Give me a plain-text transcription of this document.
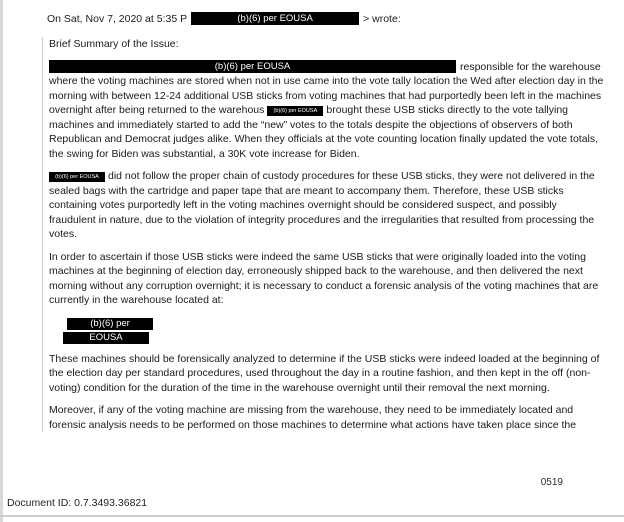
On Sat, Nov 7, 2020 at 5:35 P	(b)(6) per EOUSA	> wrote:
Brief Summary of the Issue:
(b)(6) per EOUSA	responsible for the warehouse where the voting machines are stored when not in use came into the vote tally location the Wed after election day in the morning with between 12-24 additional USB sticks from voting machines that had purportedly been left in the machines overnight after being returned to the warehous (b)(6) per EOUSA brought these USB sticks directly to the vote tallying machines and immediately started to add the “new” votes to the totals despite the objections of observers of both Republican and Democrat judges alike. When they officials at the vote counting location finally updated the vote totals, the swing for Biden was substantial, a 30K vote increase for Biden.
(b)(6) per EOUSA did not follow the proper chain of custody procedures for these USB sticks, they were not delivered in the sealed bags with the cartridge and paper tape that are meant to accompany them. Therefore, these USB sticks containing votes purportedly left in the voting machines overnight should be considered suspect, and possibly fraudulent in nature, due to the violation of integrity procedures and the irregularities that resulted from processing the votes.
In order to ascertain if those USB sticks were indeed the same USB sticks that were originally loaded into the voting machines at the beginning of election day, erroneously shipped back to the warehouse, and then delivered the next morning without any corruption overnight; it is necessary to conduct a forensic analysis of the voting machines that are currently in the warehouse located at:
(b)(6) per
EOUSA
These machines should be forensically analyzed to determine if the USB sticks were indeed loaded at the beginning of the election day per standard procedures, used throughout the day in a routine fashion, and then kept in the off (non-voting) condition for the duration of the time in the warehouse overnight until their removal the next morning.
Moreover, if any of the voting machine are missing from the warehouse, they need to be immediately located and forensic analysis needs to be performed on those machines to determine what actions have taken place since the
0519
Document ID: 0.7.3493.36821
